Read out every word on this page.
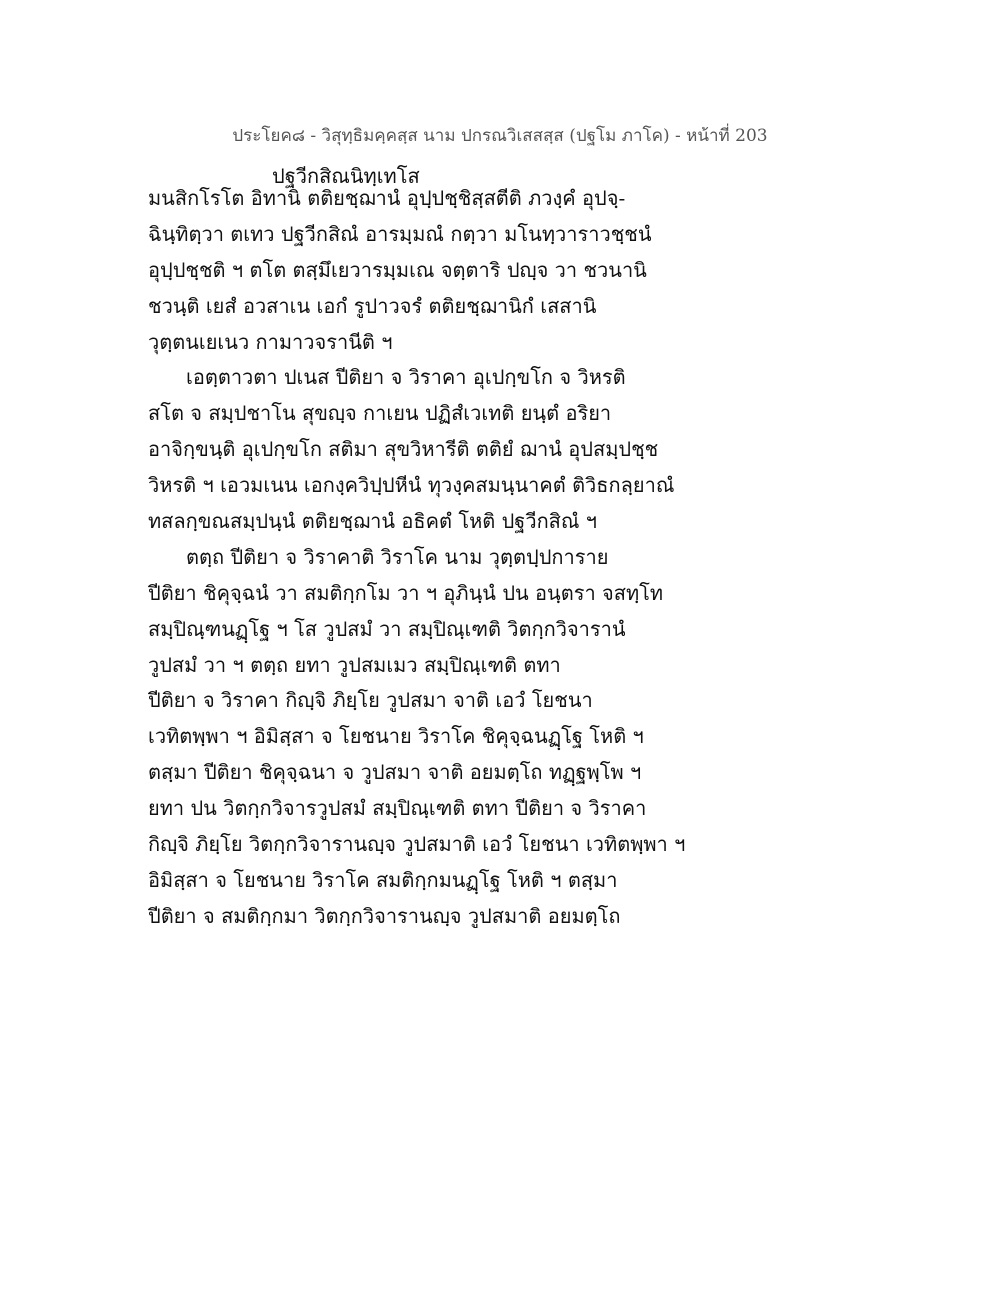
ประโยค๘ - วิสุทฺธิมคฺคสฺส นาม ปกรณวิเสสสฺส (ปฐโม ภาโค) - หน้าที่ 203
ปฐวีกสิณนิทฺเทโส
มนสิกโรโต อิทานิ ตติยชฺฌานํ อุปฺปชฺชิสฺสตีติ ภวงฺคํ อุปจฺ-
ฉินฺทิตฺวา ตเทว ปฐวีกสิณํ อารมฺมณํ กตฺวา มโนทฺวาราวชฺชนํ
อุปฺปชฺชติ ฯ ตโต ตสฺมึเยวารมฺมเณ จตฺตาริ ปญฺจ วา ชวนานิ
ชวนฺติ เยสํ อวสาเน เอกํ รูปาวจรํ ตติยชฺฌานิกํ เสสานิ
วุตฺตนเยเนว กามาวจรานีติ ฯ
เอตฺตาวตา ปเนส ปีติยา จ วิราคา อุเปกฺขโก จ วิหรติ
สโต จ สมฺปชาโน สุขญฺจ กาเยน ปฏิสํเวเทติ ยนฺตํ อริยา
อาจิกฺขนฺติ อุเปกฺขโก สติมา สุขวิหารีติ ตติยํ ฌานํ อุปสมฺปชฺช
วิหรติ ฯ เอวมเนน เอกงฺควิปฺปหีนํ ทุวงฺคสมนฺนาคตํ ติวิธกลฺยาณํ
ทสลกฺขณสมฺปนฺนํ ตติยชฺฌานํ อธิคตํ โหติ ปฐวีกสิณํ ฯ
ตตฺถ ปีติยา จ วิราคาติ วิราโค นาม วุตฺตปฺปการาย
ปีติยา ชิคุจฺฉนํ วา สมติกฺกโม วา ฯ อุภินฺนํ ปน อนฺตรา จสทฺโท
สมฺปิณฺฑนฏฺโฐ ฯ โส วูปสมํ วา สมฺปิณฺเฑติ วิตกฺกวิจารานํ
วูปสมํ วา ฯ ตตฺถ ยทา วูปสมเมว สมฺปิณฺเฑติ ตทา
ปีติยา จ วิราคา กิญฺจิ ภิยฺโย วูปสมา จาติ เอวํ โยชนา
เวทิตพฺพา ฯ อิมิสฺสา จ โยชนาย วิราโค ชิคุจฺฉนฏฺโฐ โหติ ฯ
ตสฺมา ปีติยา ชิคุจฺฉนา จ วูปสมา จาติ อยมตฺโถ ทฏฺฐพฺโพ ฯ
ยทา ปน วิตกฺกวิจารวูปสมํ สมฺปิณฺเฑติ ตทา ปีติยา จ วิราคา
กิญฺจิ ภิยฺโย วิตกฺกวิจารานญฺจ วูปสมาติ เอวํ โยชนา เวทิตพฺพา ฯ
อิมิสฺสา จ โยชนาย วิราโค สมติกฺกมนฏฺโฐ โหติ ฯ ตสฺมา
ปีติยา จ สมติกฺกมา วิตกฺกวิจารานญฺจ วูปสมาติ อยมตฺโถ
